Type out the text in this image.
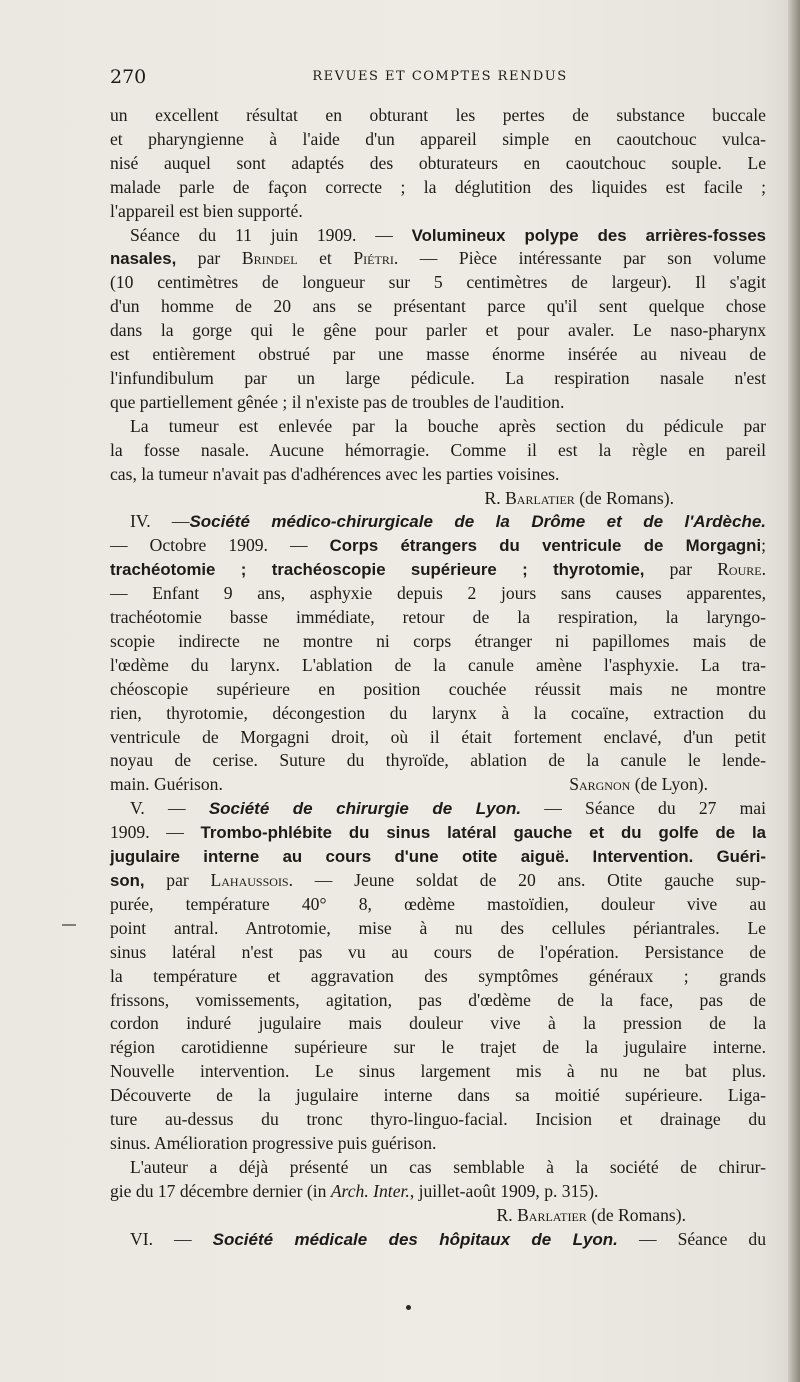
270	REVUES ET COMPTES RENDUS
un excellent résultat en obturant les pertes de substance buccale
et pharyngienne à l'aide d'un appareil simple en caoutchouc vulca-
nisé auquel sont adaptés des obturateurs en caoutchouc souple. Le
malade parle de façon correcte ; la déglutition des liquides est facile ;
l'appareil est bien supporté.
Séance du 11 juin 1909. — Volumineux polype des arrières-fosses
nasales, par Brindel et Piétri. — Pièce intéressante par son volume
(10 centimètres de longueur sur 5 centimètres de largeur). Il s'agit
d'un homme de 20 ans se présentant parce qu'il sent quelque chose
dans la gorge qui le gêne pour parler et pour avaler. Le naso-pharynx
est entièrement obstrué par une masse énorme insérée au niveau de
l'infundibulum par un large pédicule. La respiration nasale n'est
que partiellement gênée ; il n'existe pas de troubles de l'audition.
La tumeur est enlevée par la bouche après section du pédicule par
la fosse nasale. Aucune hémorragie. Comme il est la règle en pareil
cas, la tumeur n'avait pas d'adhérences avec les parties voisines.
R. Barlatier (de Romans).
IV. —Société médico-chirurgicale de la Drôme et de l'Ardèche.
— Octobre 1909. — Corps étrangers du ventricule de Morgagni;
trachéotomie ; trachéoscopie supérieure ; thyrotomie, par Roure.
— Enfant 9 ans, asphyxie depuis 2 jours sans causes apparentes,
trachéotomie basse immédiate, retour de la respiration, la laryngo-
scopie indirecte ne montre ni corps étranger ni papillomes mais de
l'œdème du larynx. L'ablation de la canule amène l'asphyxie. La tra-
chéoscopie supérieure en position couchée réussit mais ne montre
rien, thyrotomie, décongestion du larynx à la cocaïne, extraction du
ventricule de Morgagni droit, où il était fortement enclavé, d'un petit
noyau de cerise. Suture du thyroïde, ablation de la canule le lende-
main. Guérison.	Sargnon (de Lyon).
V. — Société de chirurgie de Lyon. — Séance du 27 mai
1909. — Trombo-phlébite du sinus latéral gauche et du golfe de la
jugulaire interne au cours d'une otite aiguë. Intervention. Guéri-
son, par Lahaussois. — Jeune soldat de 20 ans. Otite gauche sup-
purée, température 40° 8, œdème mastoïdien, douleur vive au
point antral. Antrotomie, mise à nu des cellules périantrales. Le
sinus latéral n'est pas vu au cours de l'opération. Persistance de
la température et aggravation des symptômes généraux ; grands
frissons, vomissements, agitation, pas d'œdème de la face, pas de
cordon induré jugulaire mais douleur vive à la pression de la
région carotidienne supérieure sur le trajet de la jugulaire interne.
Nouvelle intervention. Le sinus largement mis à nu ne bat plus.
Découverte de la jugulaire interne dans sa moitié supérieure. Liga-
ture au-dessus du tronc thyro-linguo-facial. Incision et drainage du
sinus. Amélioration progressive puis guérison.
L'auteur a déjà présenté un cas semblable à la société de chirur-
gie du 17 décembre dernier (in Arch. Inter., juillet-août 1909, p. 315).
R. Barlatier (de Romans).
VI. — Société médicale des hôpitaux de Lyon. — Séance du
